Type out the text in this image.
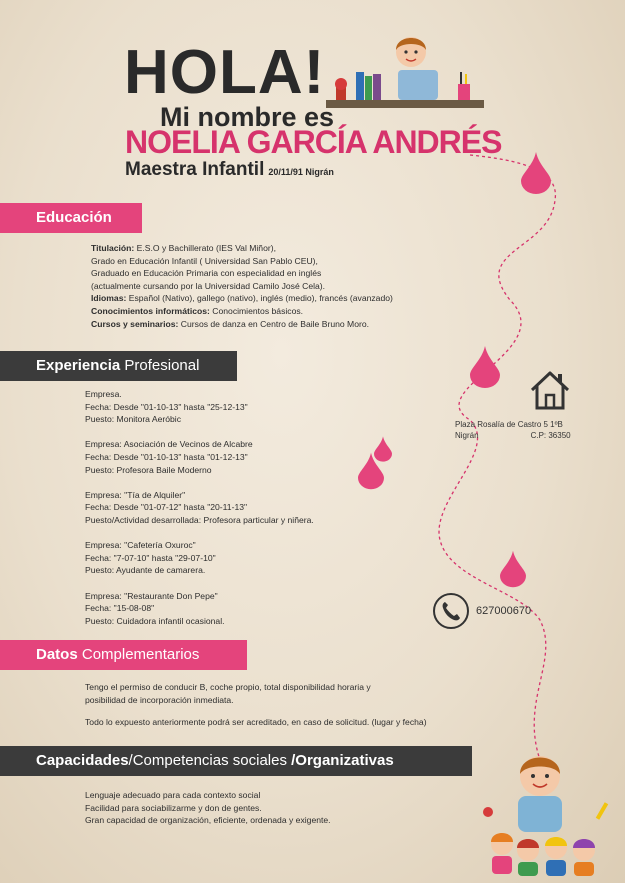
HOLA!
Mi nombre es
NOELIA GARCÍA ANDRÉS
Maestra Infantil 20/11/91 Nigrán
Educación

Titulación: E.S.O y Bachillerato (IES Val Miñor),

Grado en Educación Infantil ( Universidad San Pablo CEU),

Graduado en Educación Primaria con especialidad en inglés

(actualmente cursando por la Universidad Camilo José Cela).

Idiomas: Español (Nativo), gallego (nativo), inglés (medio), francés (avanzado)

Conocimientos informáticos: Conocimientos básicos.

Cursos y seminarios: Cursos de danza en Centro de Baile Bruno Moro.

Experiencia Profesional

Empresa.

Fecha: Desde "01-10-13" hasta "25-12-13"

Puesto: Monitora Aeróbic

Empresa: Asociación de Vecinos de Alcabre

Fecha: Desde "01-10-13" hasta "01-12-13"

Puesto: Profesora Baile Moderno

Empresa: "Tía de Alquiler"

Fecha: Desde "01-07-12" hasta "20-11-13"

Puesto/Actividad desarrollada: Profesora particular y niñera.

Empresa: "Cafetería Oxuroc"

Fecha: "7-07-10" hasta "29-07-10"

Puesto: Ayudante de camarera.

Empresa: "Restaurante Don Pepe"

Fecha: "15-08-08"

Puesto: Cuidadora infantil ocasional.

Plaza Rosalía de Castro 5 1ºB
Nigrán	C.P: 36350
627000670
Datos Complementarios

Tengo el permiso de conducir B, coche propio, total disponibilidad horaria y

posibilidad de incorporación inmediata.

Todo lo expuesto anteriormente podrá ser acreditado, en caso de solicitud. (lugar y fecha)

Capacidades/Competencias sociales /Organizativas

Lenguaje adecuado para cada contexto social

Facilidad para sociabilizarme y don de gentes.

Gran capacidad de organización, eficiente, ordenada y exigente.
